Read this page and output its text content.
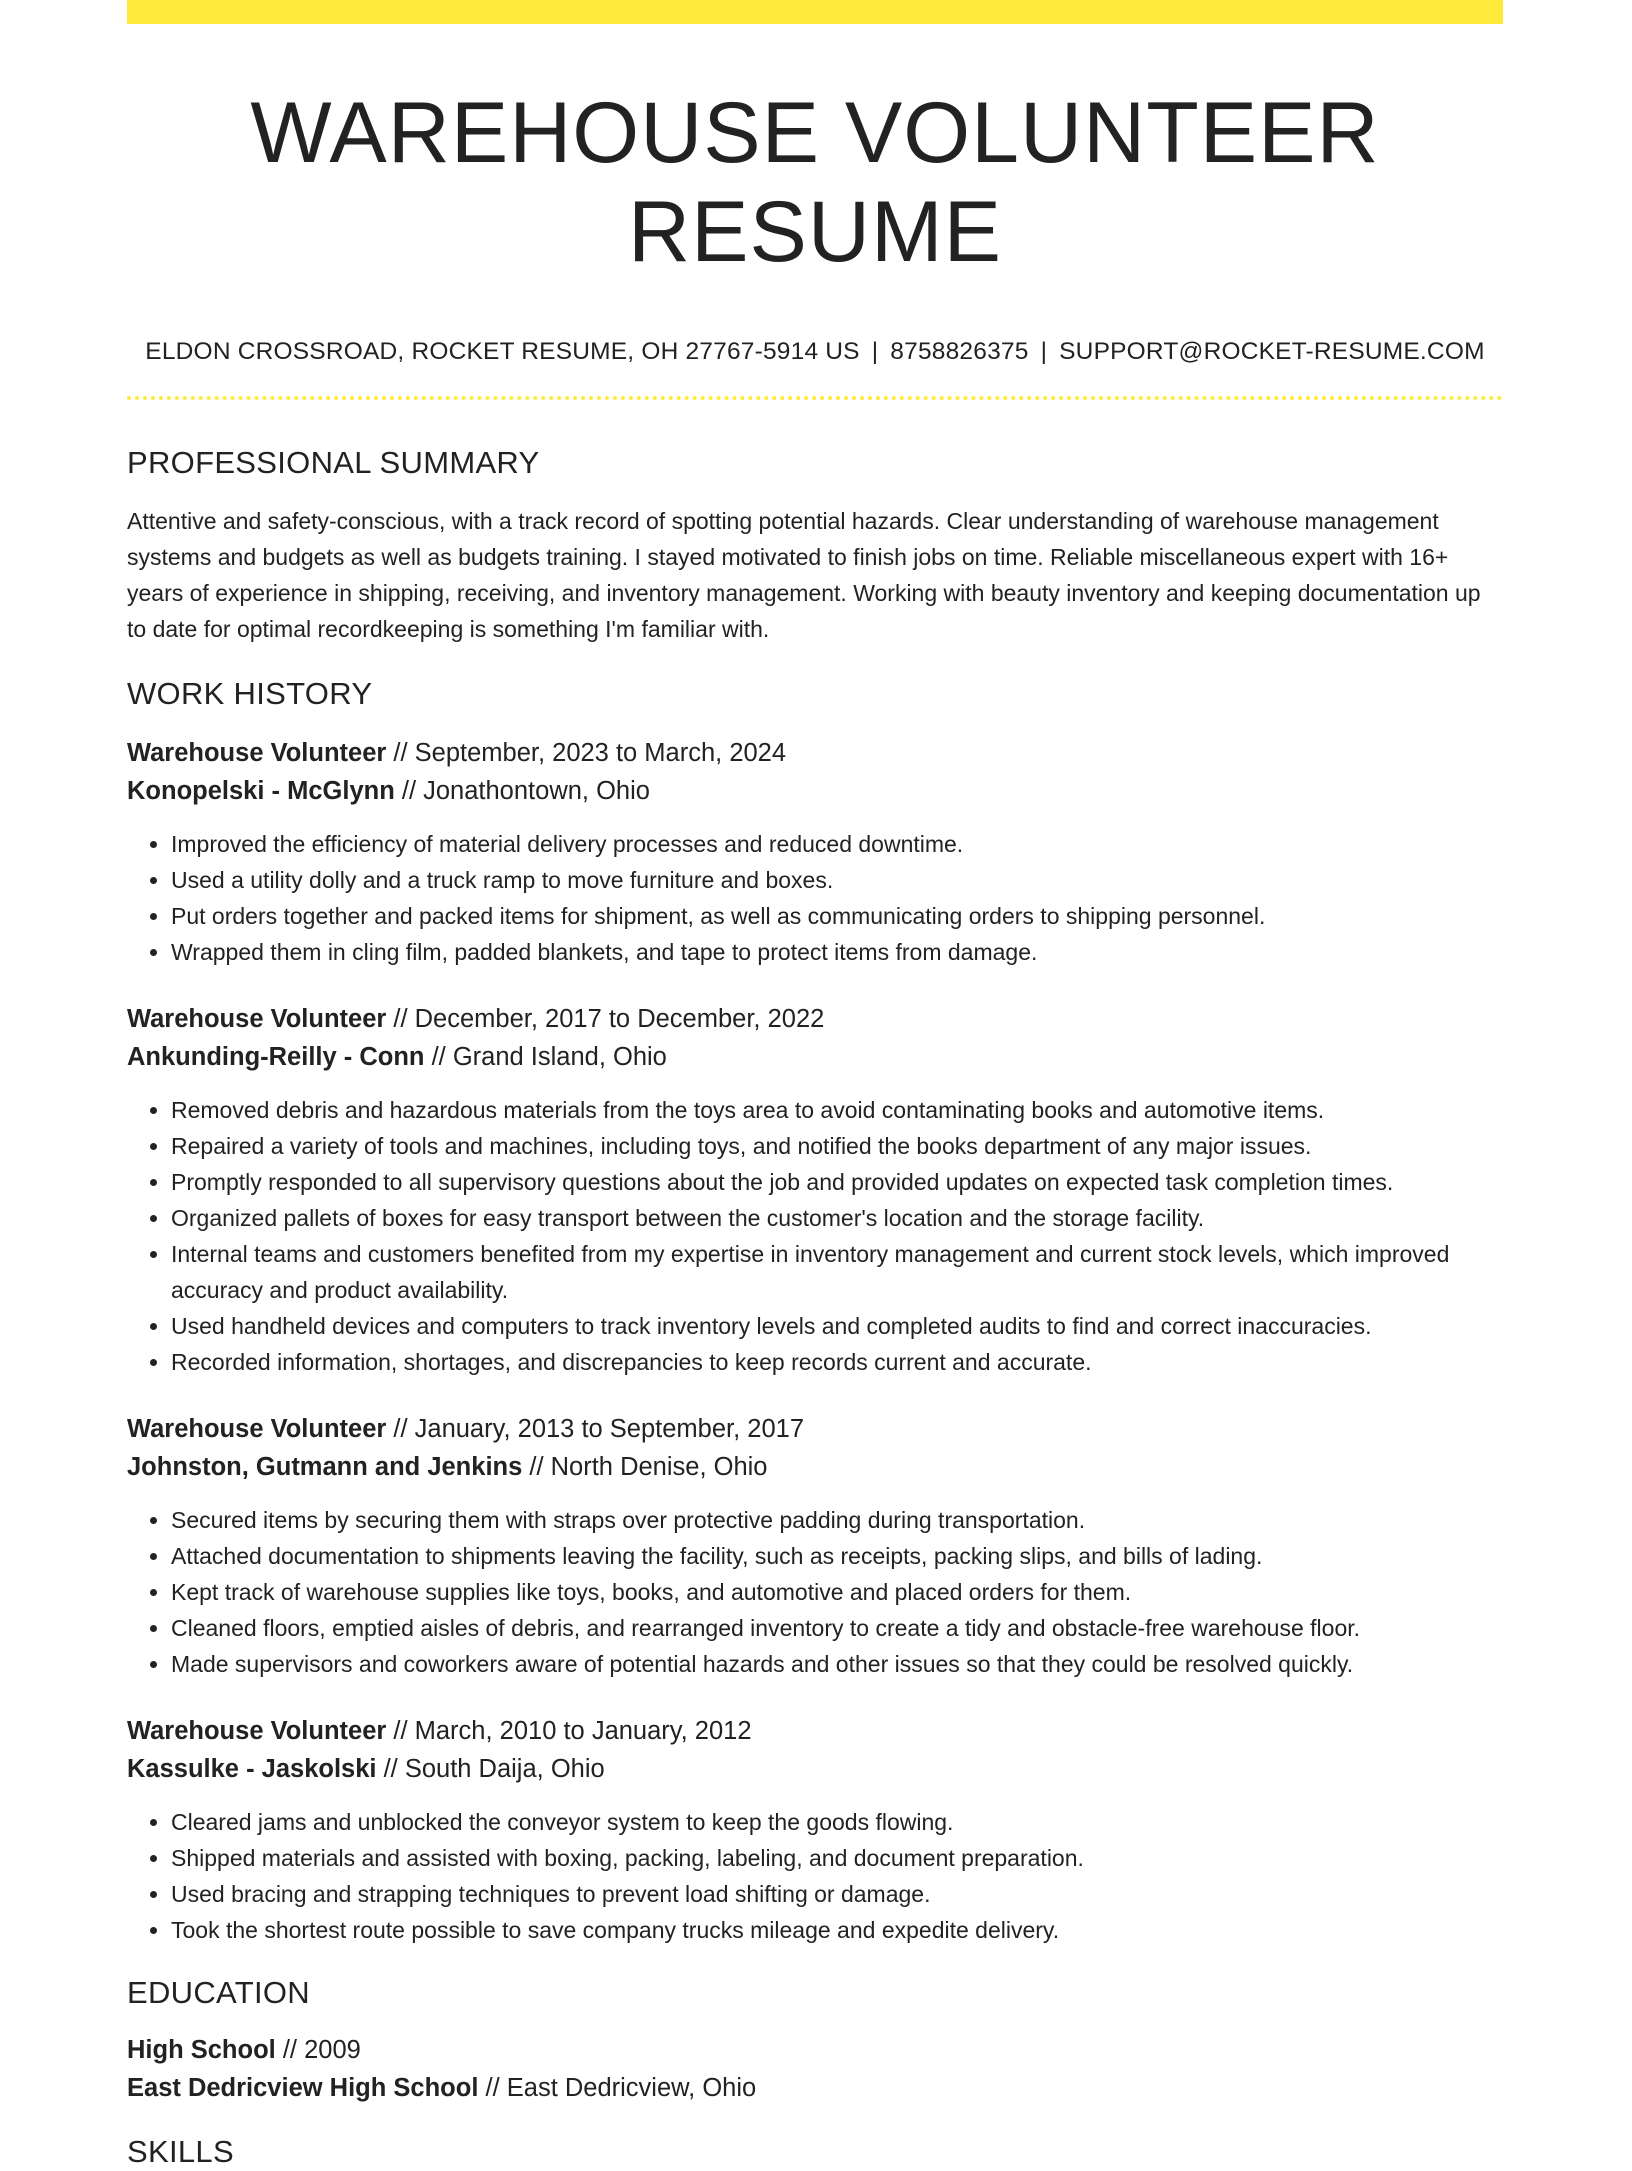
WAREHOUSE VOLUNTEER RESUME
ELDON CROSSROAD, ROCKET RESUME, OH 27767-5914 US | 8758826375 | SUPPORT@ROCKET-RESUME.COM
PROFESSIONAL SUMMARY

Attentive and safety-conscious, with a track record of spotting potential hazards. Clear understanding of warehouse management systems and budgets as well as budgets training. I stayed motivated to finish jobs on time. Reliable miscellaneous expert with 16+ years of experience in shipping, receiving, and inventory management. Working with beauty inventory and keeping documentation up to date for optimal recordkeeping is something I'm familiar with.

WORK HISTORY
Warehouse Volunteer // September, 2023 to March, 2024
Konopelski - McGlynn // Jonathontown, Ohio
• Improved the efficiency of material delivery processes and reduced downtime.
• Used a utility dolly and a truck ramp to move furniture and boxes.
• Put orders together and packed items for shipment, as well as communicating orders to shipping personnel.
• Wrapped them in cling film, padded blankets, and tape to protect items from damage.
Warehouse Volunteer // December, 2017 to December, 2022
Ankunding-Reilly - Conn // Grand Island, Ohio
• Removed debris and hazardous materials from the toys area to avoid contaminating books and automotive items.
• Repaired a variety of tools and machines, including toys, and notified the books department of any major issues.
• Promptly responded to all supervisory questions about the job and provided updates on expected task completion times.
• Organized pallets of boxes for easy transport between the customer's location and the storage facility.
• Internal teams and customers benefited from my expertise in inventory management and current stock levels, which improved accuracy and product availability.
• Used handheld devices and computers to track inventory levels and completed audits to find and correct inaccuracies.
• Recorded information, shortages, and discrepancies to keep records current and accurate.
Warehouse Volunteer // January, 2013 to September, 2017
Johnston, Gutmann and Jenkins // North Denise, Ohio
• Secured items by securing them with straps over protective padding during transportation.
• Attached documentation to shipments leaving the facility, such as receipts, packing slips, and bills of lading.
• Kept track of warehouse supplies like toys, books, and automotive and placed orders for them.
• Cleaned floors, emptied aisles of debris, and rearranged inventory to create a tidy and obstacle-free warehouse floor.
• Made supervisors and coworkers aware of potential hazards and other issues so that they could be resolved quickly.
Warehouse Volunteer // March, 2010 to January, 2012
Kassulke - Jaskolski // South Daija, Ohio
• Cleared jams and unblocked the conveyor system to keep the goods flowing.
• Shipped materials and assisted with boxing, packing, labeling, and document preparation.
• Used bracing and strapping techniques to prevent load shifting or damage.
• Took the shortest route possible to save company trucks mileage and expedite delivery.
EDUCATION
High School // 2009
East Dedricview High School // East Dedricview, Ohio
SKILLS
